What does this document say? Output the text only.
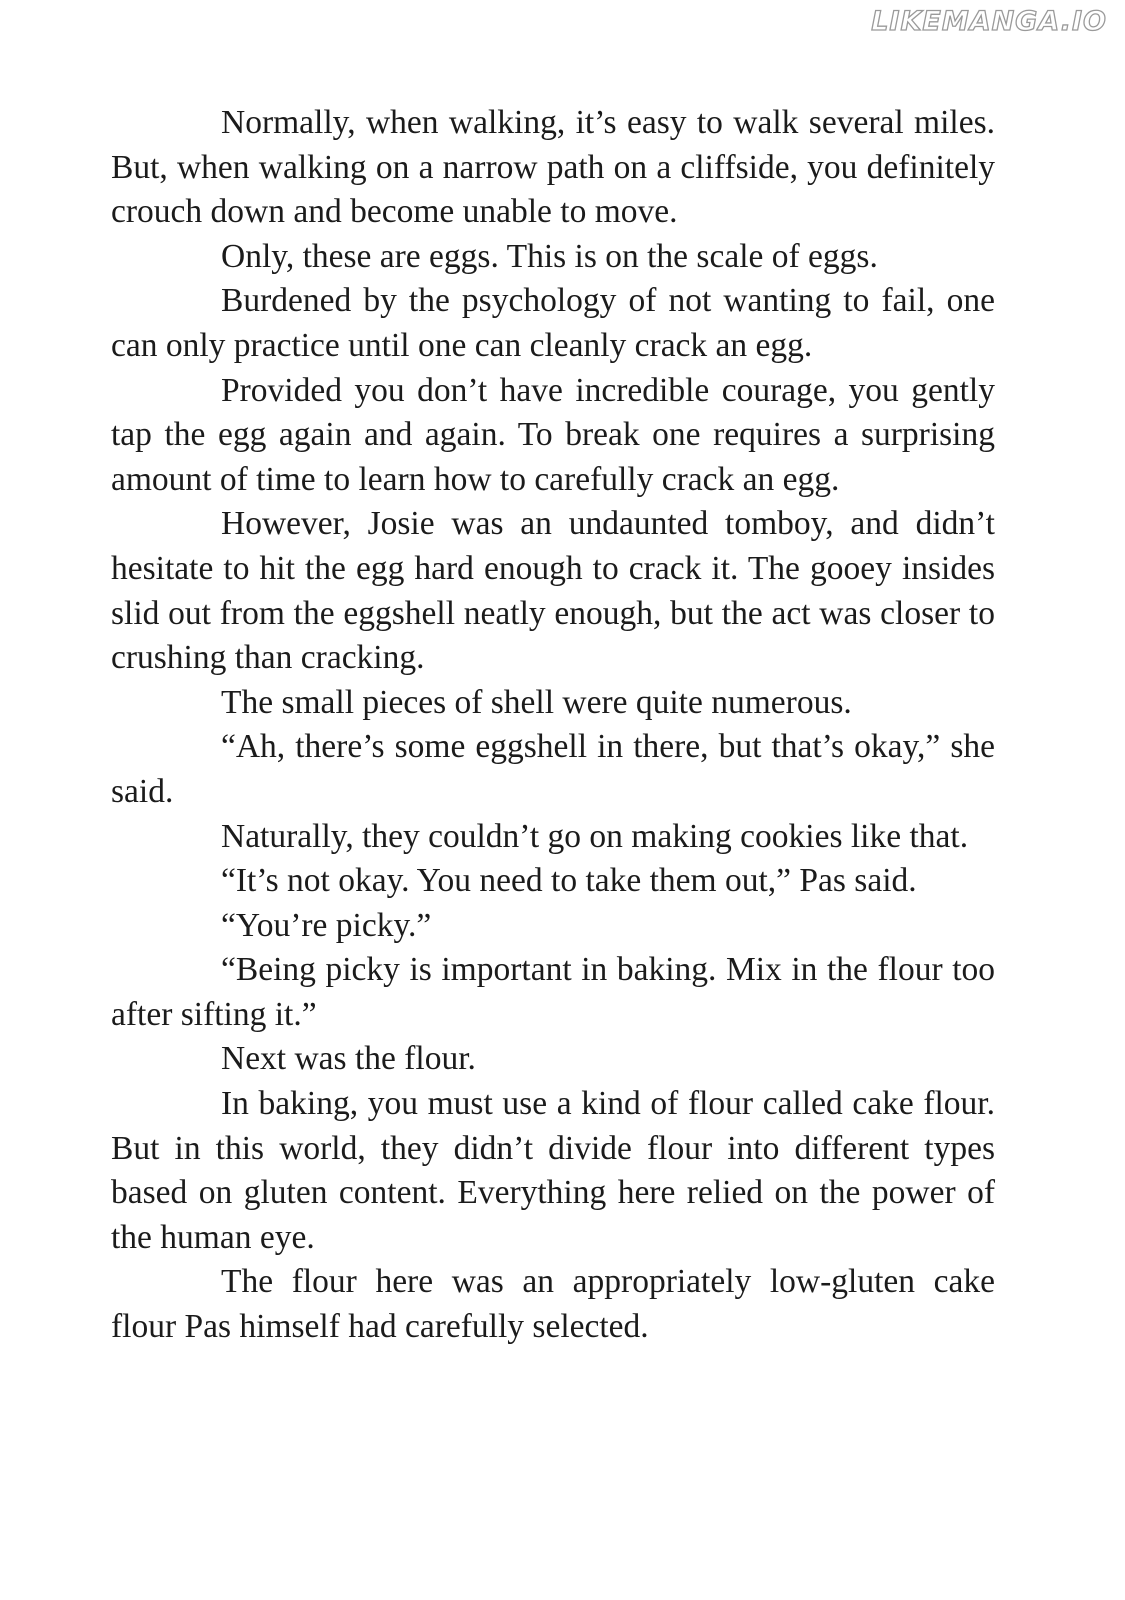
LIKEMANGA.IO

Normally, when walking, it’s easy to walk several miles. But, when walking on a narrow path on a cliffside, you definitely crouch down and become unable to move.

Only, these are eggs. This is on the scale of eggs.

Burdened by the psychology of not wanting to fail, one can only practice until one can cleanly crack an egg.

Provided you don’t have incredible courage, you gently tap the egg again and again. To break one requires a surprising amount of time to learn how to carefully crack an egg.

However, Josie was an undaunted tomboy, and didn’t hesitate to hit the egg hard enough to crack it. The gooey insides slid out from the eggshell neatly enough, but the act was closer to crushing than cracking.

The small pieces of shell were quite numerous.

“Ah, there’s some eggshell in there, but that’s okay,” she said.

Naturally, they couldn’t go on making cookies like that.

“It’s not okay. You need to take them out,” Pas said.

“You’re picky.”

“Being picky is important in baking. Mix in the flour too after sifting it.”

Next was the flour.

In baking, you must use a kind of flour called cake flour. But in this world, they didn’t divide flour into different types based on gluten content. Everything here relied on the power of the human eye.

The flour here was an appropriately low-gluten cake flour Pas himself had carefully selected.
